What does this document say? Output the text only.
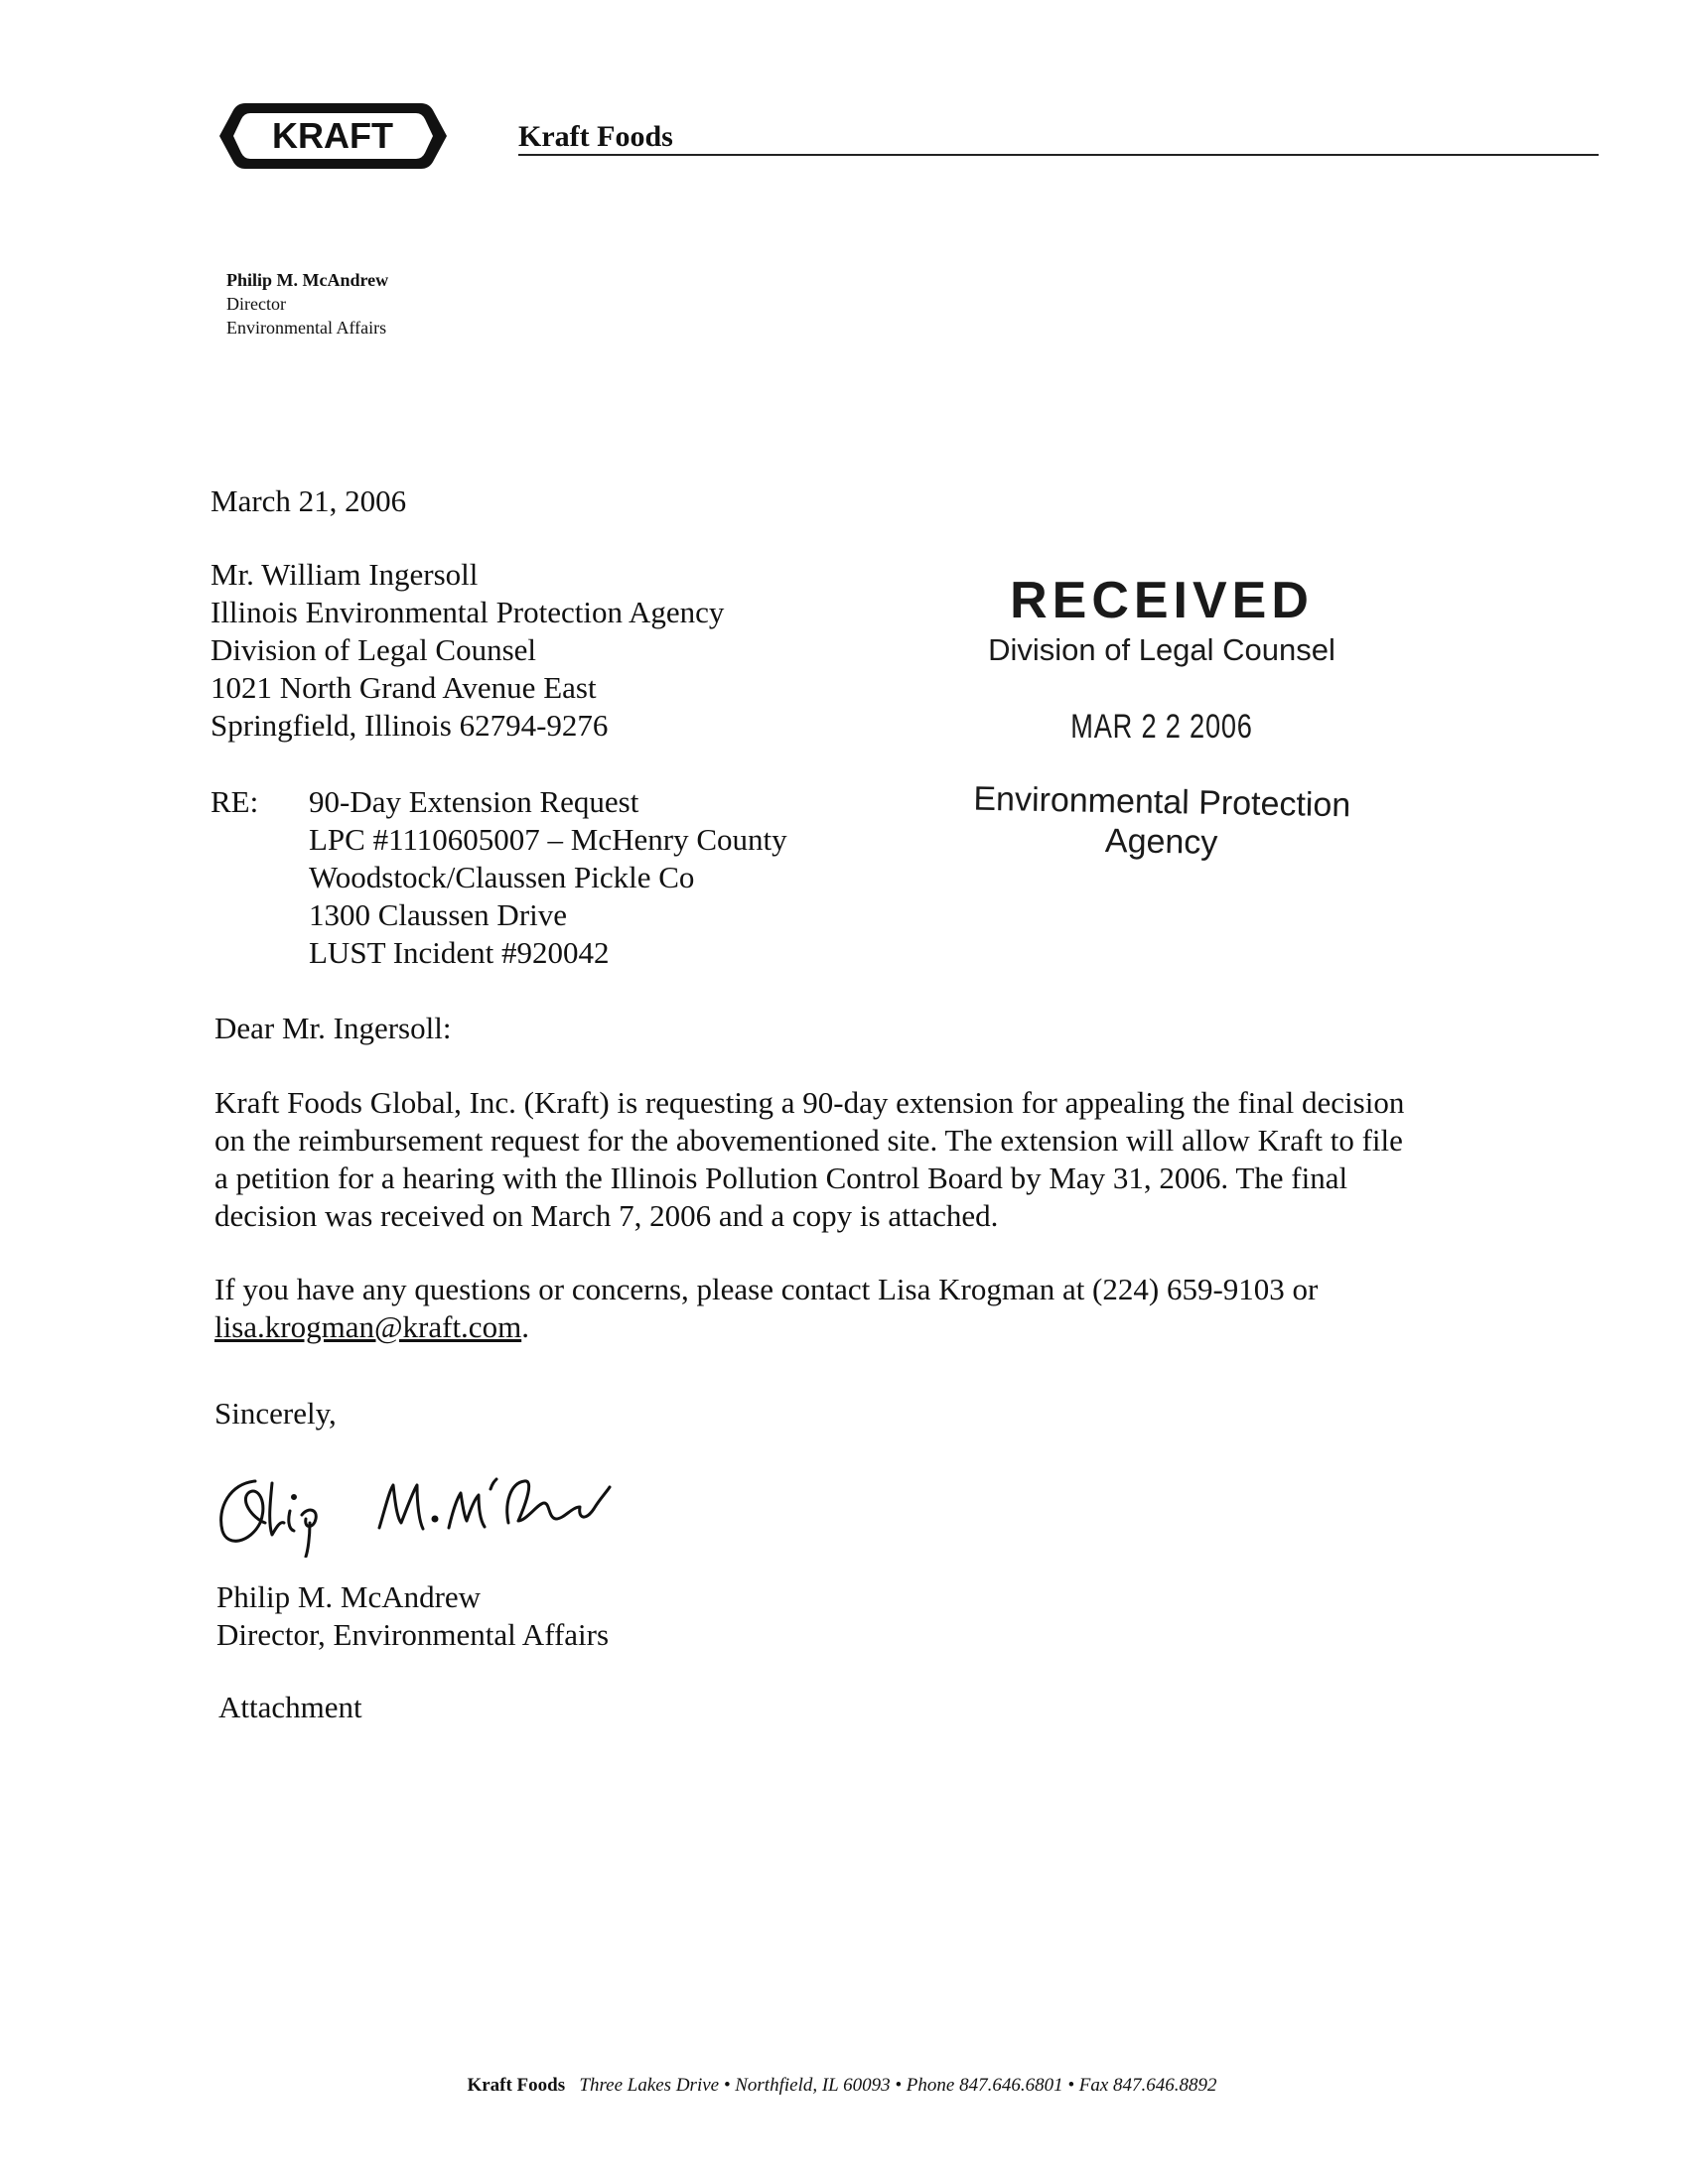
KRAFT	Kraft Foods
Philip M. McAndrew
Director
Environmental Affairs
March 21, 2006
Mr. William Ingersoll
Illinois Environmental Protection Agency
Division of Legal Counsel
1021 North Grand Avenue East
Springfield, Illinois 62794-9276
RECEIVED
Division of Legal Counsel
MAR 2 2 2006
Environmental Protection
Agency
RE: 90-Day Extension Request
LPC #1110605007 – McHenry County
Woodstock/Claussen Pickle Co
1300 Claussen Drive
LUST Incident #920042
Dear Mr. Ingersoll:
Kraft Foods Global, Inc. (Kraft) is requesting a 90-day extension for appealing the final decision
on the reimbursement request for the abovementioned site. The extension will allow Kraft to file
a petition for a hearing with the Illinois Pollution Control Board by May 31, 2006. The final
decision was received on March 7, 2006 and a copy is attached.
If you have any questions or concerns, please contact Lisa Krogman at (224) 659-9103 or
lisa.krogman@kraft.com.
Sincerely,
Philip M. McAndrew
Director, Environmental Affairs
Attachment
Kraft Foods Three Lakes Drive • Northfield, IL 60093 • Phone 847.646.6801 • Fax 847.646.8892
